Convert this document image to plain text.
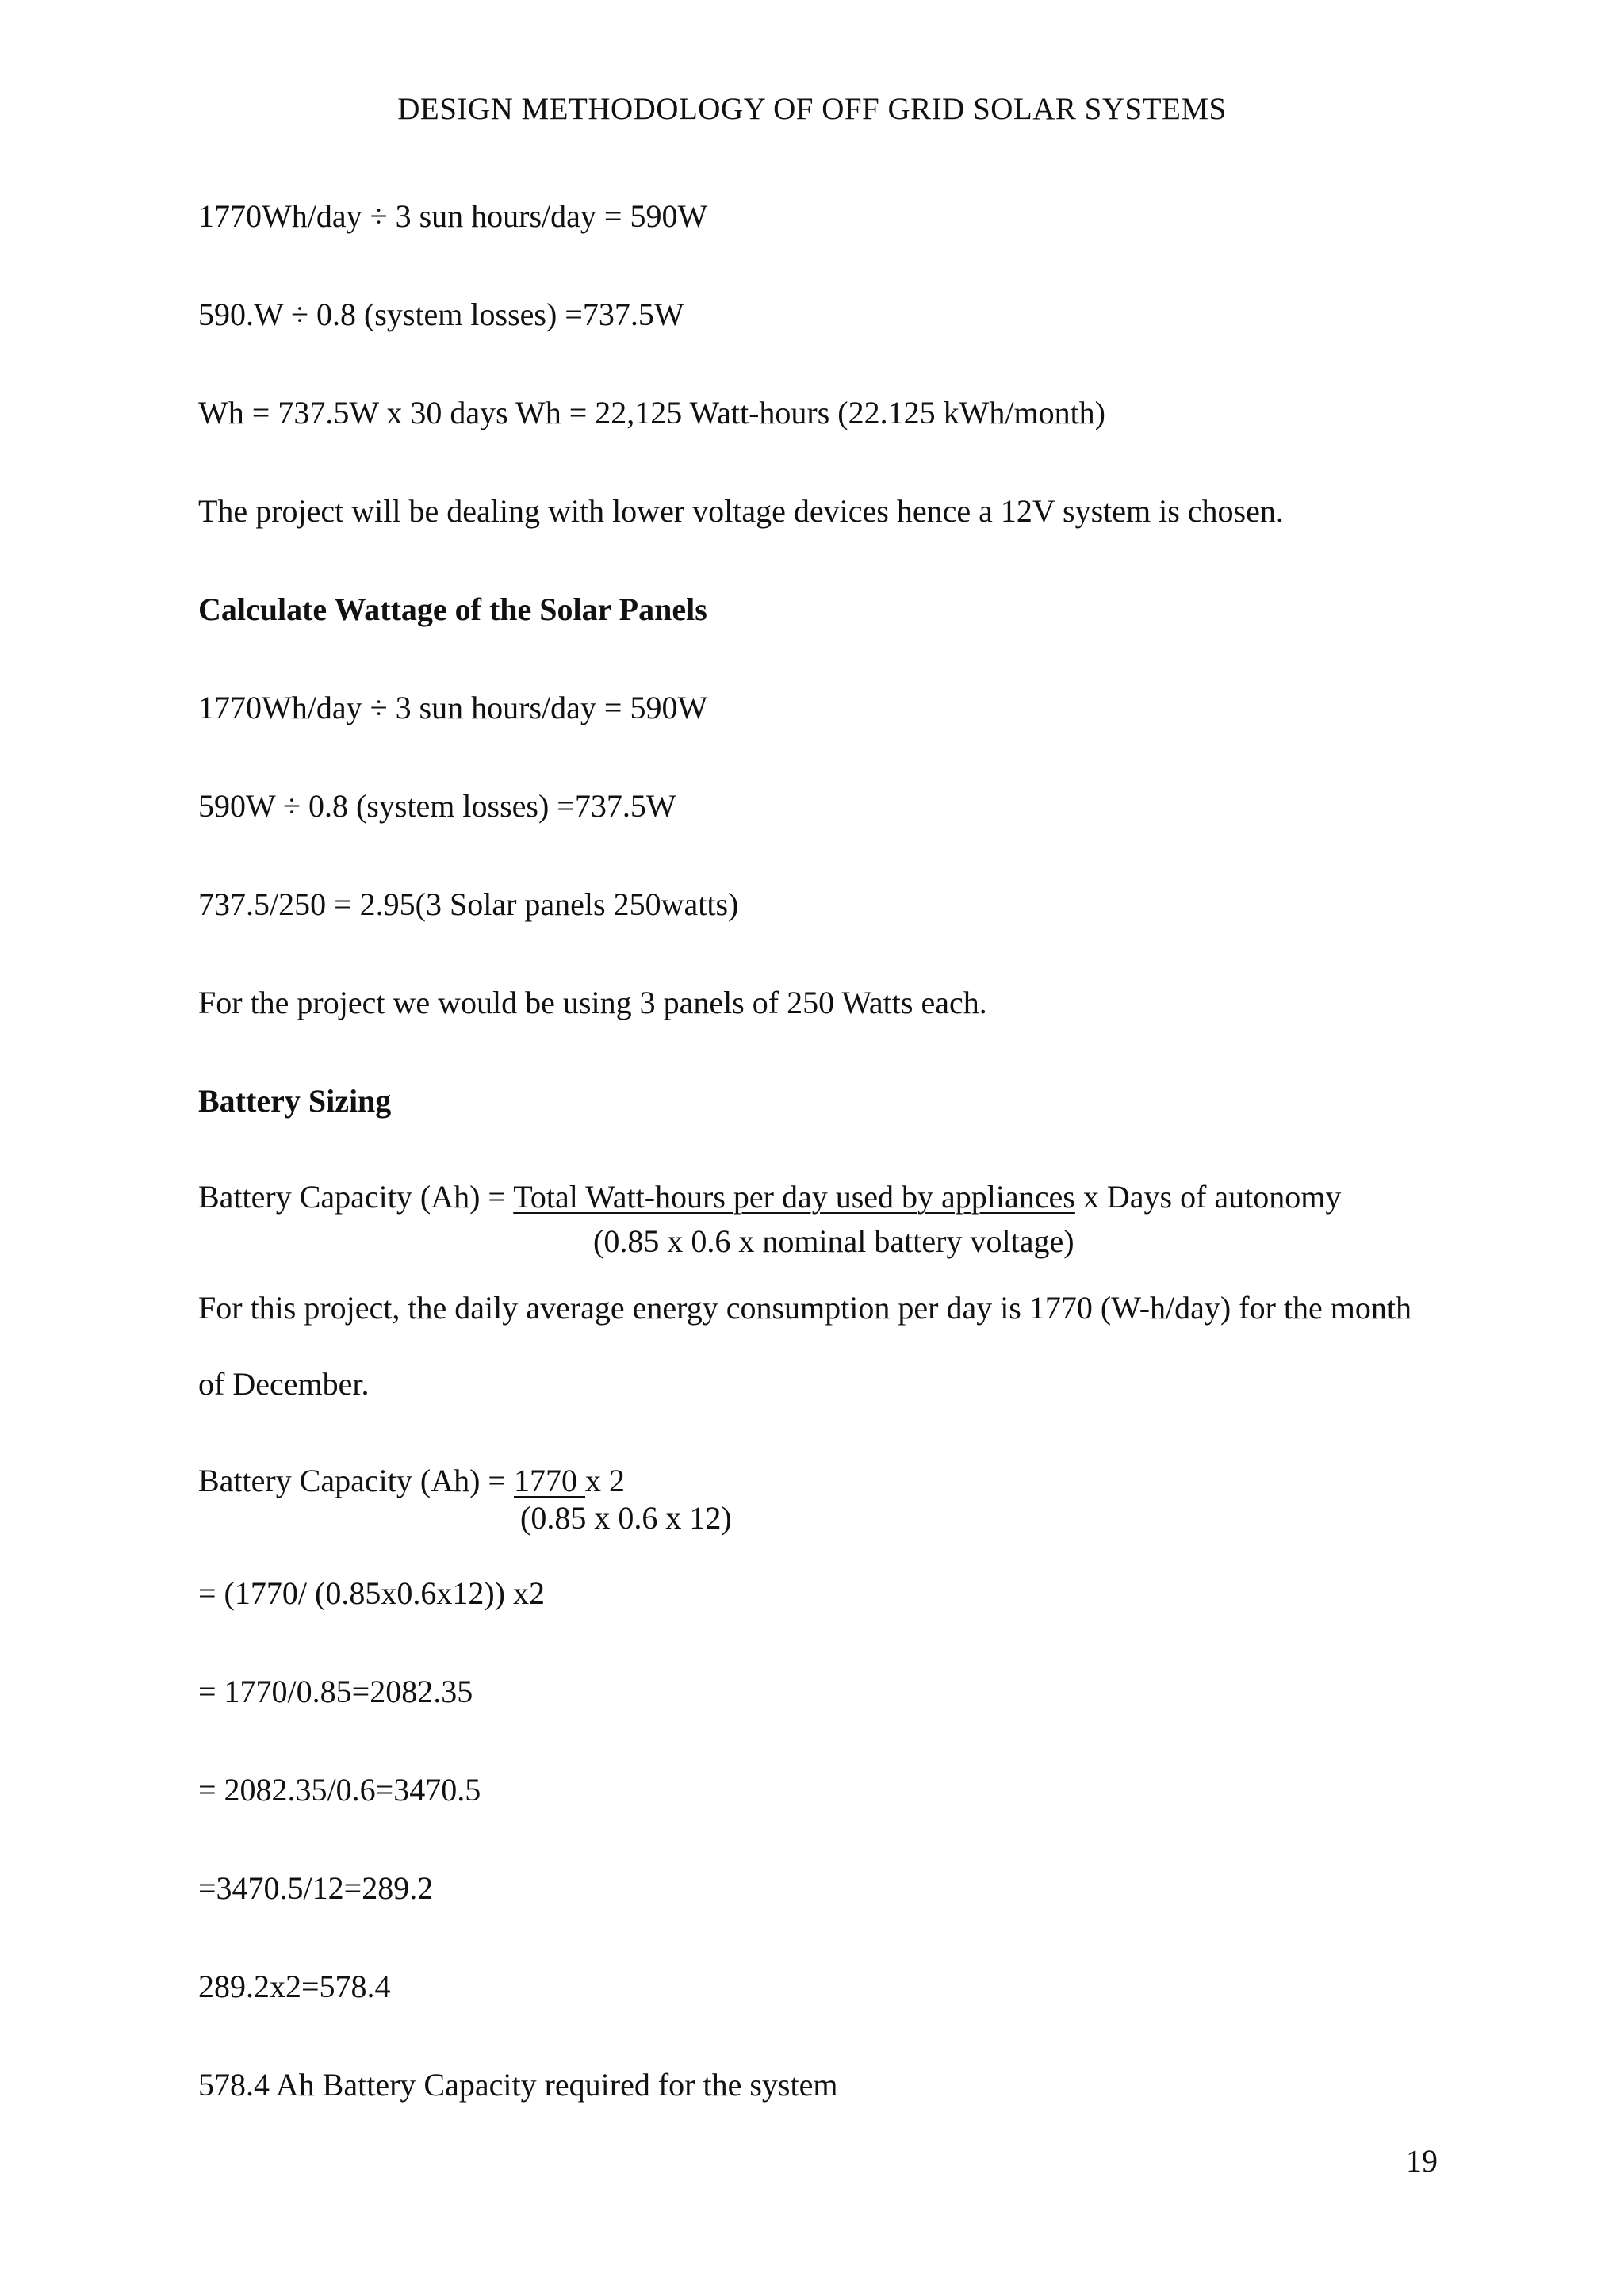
DESIGN METHODOLOGY OF OFF GRID SOLAR SYSTEMS
1770Wh/day ÷ 3 sun hours/day = 590W
590.W ÷ 0.8 (system losses) =737.5W
Wh = 737.5W x 30 days Wh = 22,125 Watt-hours (22.125 kWh/month)
The project will be dealing with lower voltage devices hence a 12V system is chosen.
Calculate Wattage of the Solar Panels
1770Wh/day ÷ 3 sun hours/day = 590W
590W ÷ 0.8 (system losses) =737.5W
737.5/250 = 2.95(3 Solar panels 250watts)
For the project we would be using 3 panels of 250 Watts each.
Battery Sizing
Battery Capacity (Ah) = Total Watt-hours per day used by appliances x Days of autonomy
(0.85 x 0.6 x nominal battery voltage)
For this project, the daily average energy consumption per day is 1770 (W-h/day) for the month
of December.
Battery Capacity (Ah) = 1770 x 2
(0.85 x 0.6 x 12)
= (1770/ (0.85x0.6x12)) x2
= 1770/0.85=2082.35
= 2082.35/0.6=3470.5
=3470.5/12=289.2
289.2x2=578.4
578.4 Ah Battery Capacity required for the system
19
